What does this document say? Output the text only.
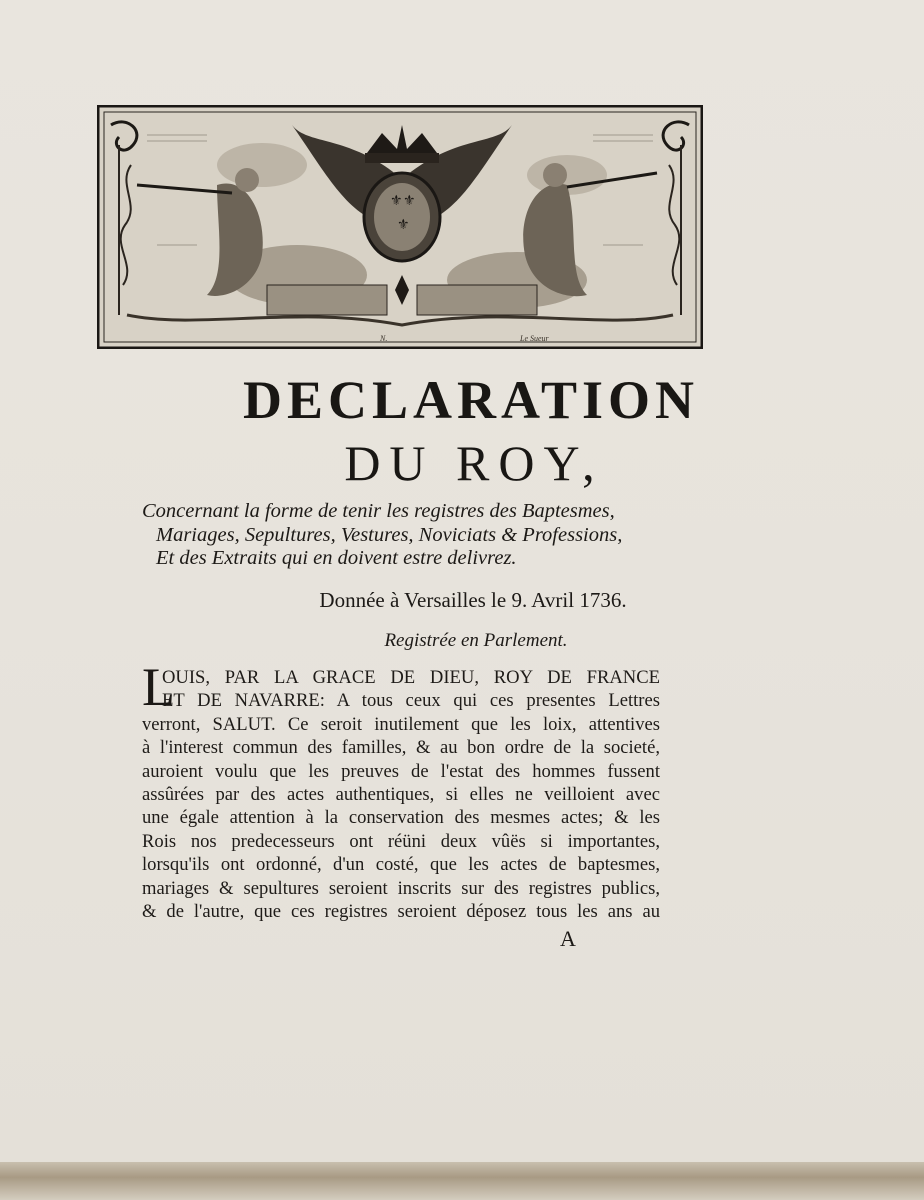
⚜ ⚜
⚜
N.	Le Sueur
DECLARATION
DU ROY,

Concernant la forme de tenir les registres des Baptesmes,
Mariages, Sepultures, Vestures, Noviciats & Professions,
Et des Extraits qui en doivent estre delivrez.

Donnée à Versailles le 9. Avril 1736.
Registrée en Parlement.
L
OUIS, PAR LA GRACE DE DIEU, ROY DE FRANCE
ET DE NAVARRE: A tous ceux qui ces presentes Lettres
verront, SALUT. Ce seroit inutilement que les loix, attentives
à l'interest commun des familles, & au bon ordre de la societé,
auroient voulu que les preuves de l'estat des hommes fussent
assûrées par des actes authentiques, si elles ne veilloient avec
une égale attention à la conservation des mesmes actes; & les
Rois nos predecesseurs ont réüni deux vûës si importantes,
lorsqu'ils ont ordonné, d'un costé, que les actes de baptesmes,
mariages & sepultures seroient inscrits sur des registres publics,
& de l'autre, que ces registres seroient déposez tous les ans au
A
